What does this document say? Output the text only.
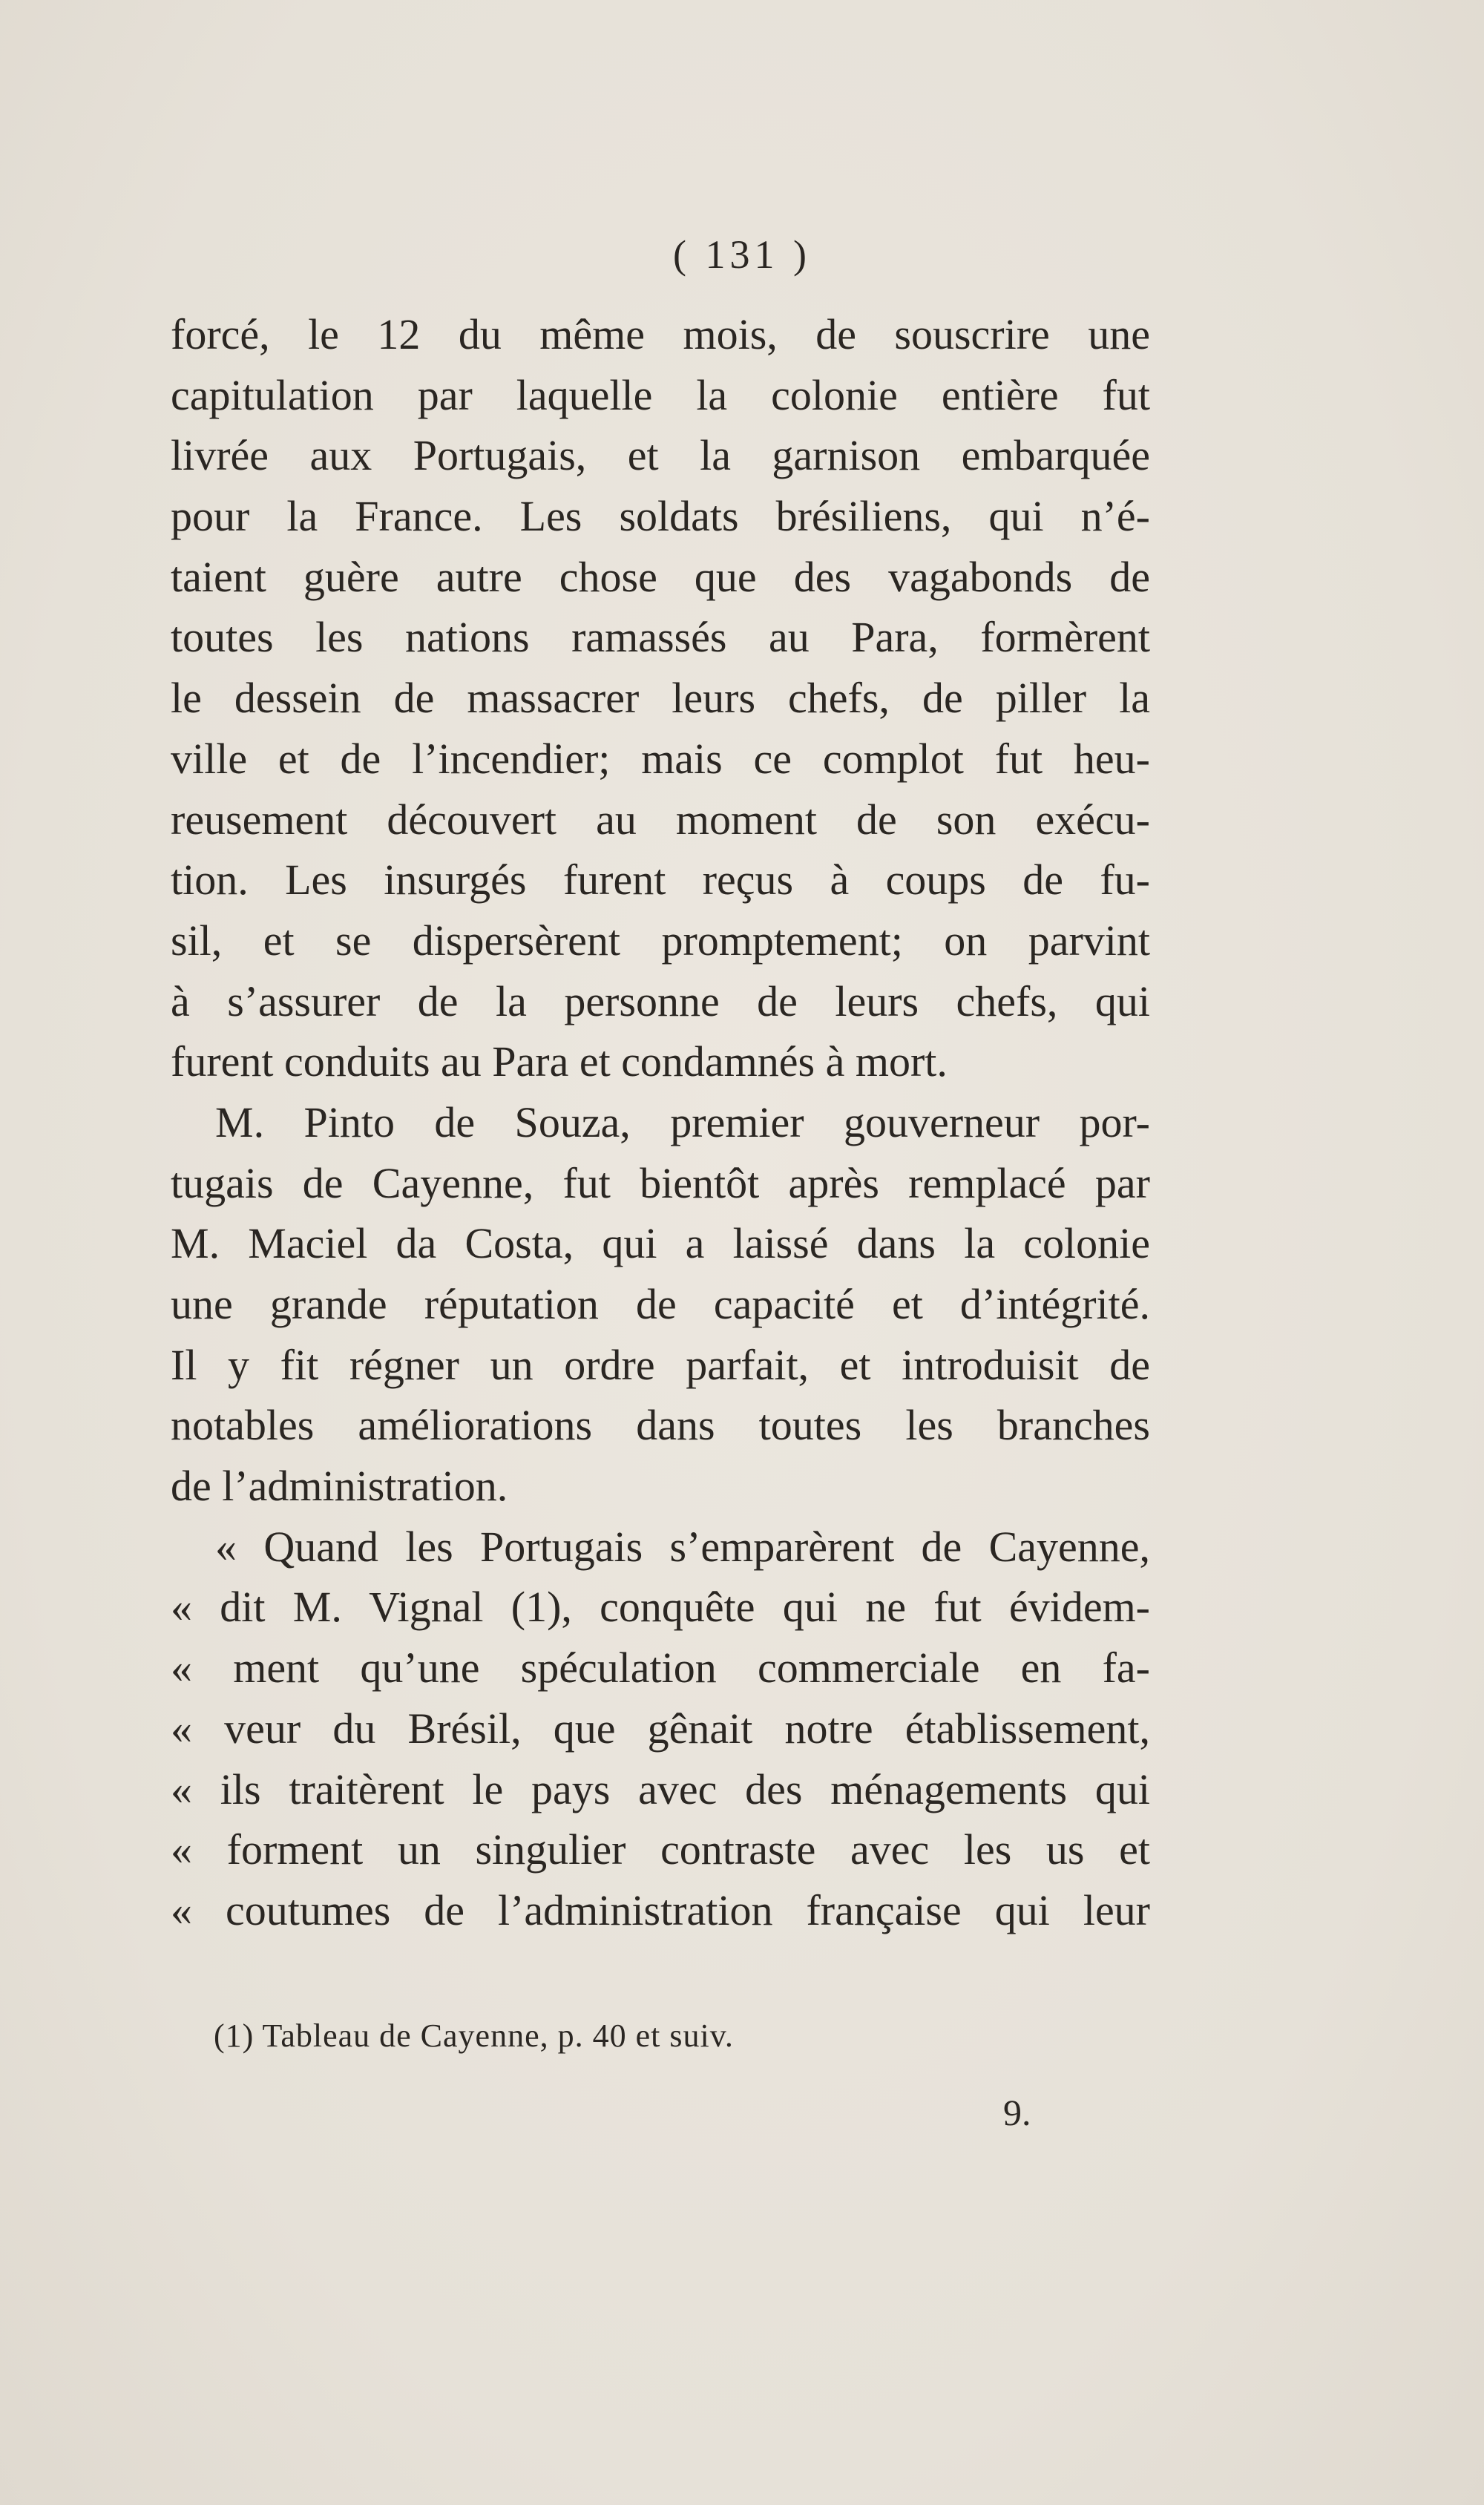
( 131 )
forcé, le 12 du même mois, de souscrire une
capitulation par laquelle la colonie entière fut
livrée aux Portugais, et la garnison embarquée
pour la France. Les soldats brésiliens, qui n’é-
taient guère autre chose que des vagabonds de
toutes les nations ramassés au Para, formèrent
le dessein de massacrer leurs chefs, de piller la
ville et de l’incendier; mais ce complot fut heu-
reusement découvert au moment de son exécu-
tion. Les insurgés furent reçus à coups de fu-
sil, et se dispersèrent promptement; on parvint
à s’assurer de la personne de leurs chefs, qui
furent conduits au Para et condamnés à mort.
M. Pinto de Souza, premier gouverneur por-
tugais de Cayenne, fut bientôt après remplacé par
M. Maciel da Costa, qui a laissé dans la colonie
une grande réputation de capacité et d’intégrité.
Il y fit régner un ordre parfait, et introduisit de
notables améliorations dans toutes les branches
de l’administration.
« Quand les Portugais s’emparèrent de Cayenne,
« dit M. Vignal (1), conquête qui ne fut évidem-
« ment qu’une spéculation commerciale en fa-
« veur du Brésil, que gênait notre établissement,
« ils traitèrent le pays avec des ménagements qui
« forment un singulier contraste avec les us et
« coutumes de l’administration française qui leur
(1) Tableau de Cayenne, p. 40 et suiv.
9.
